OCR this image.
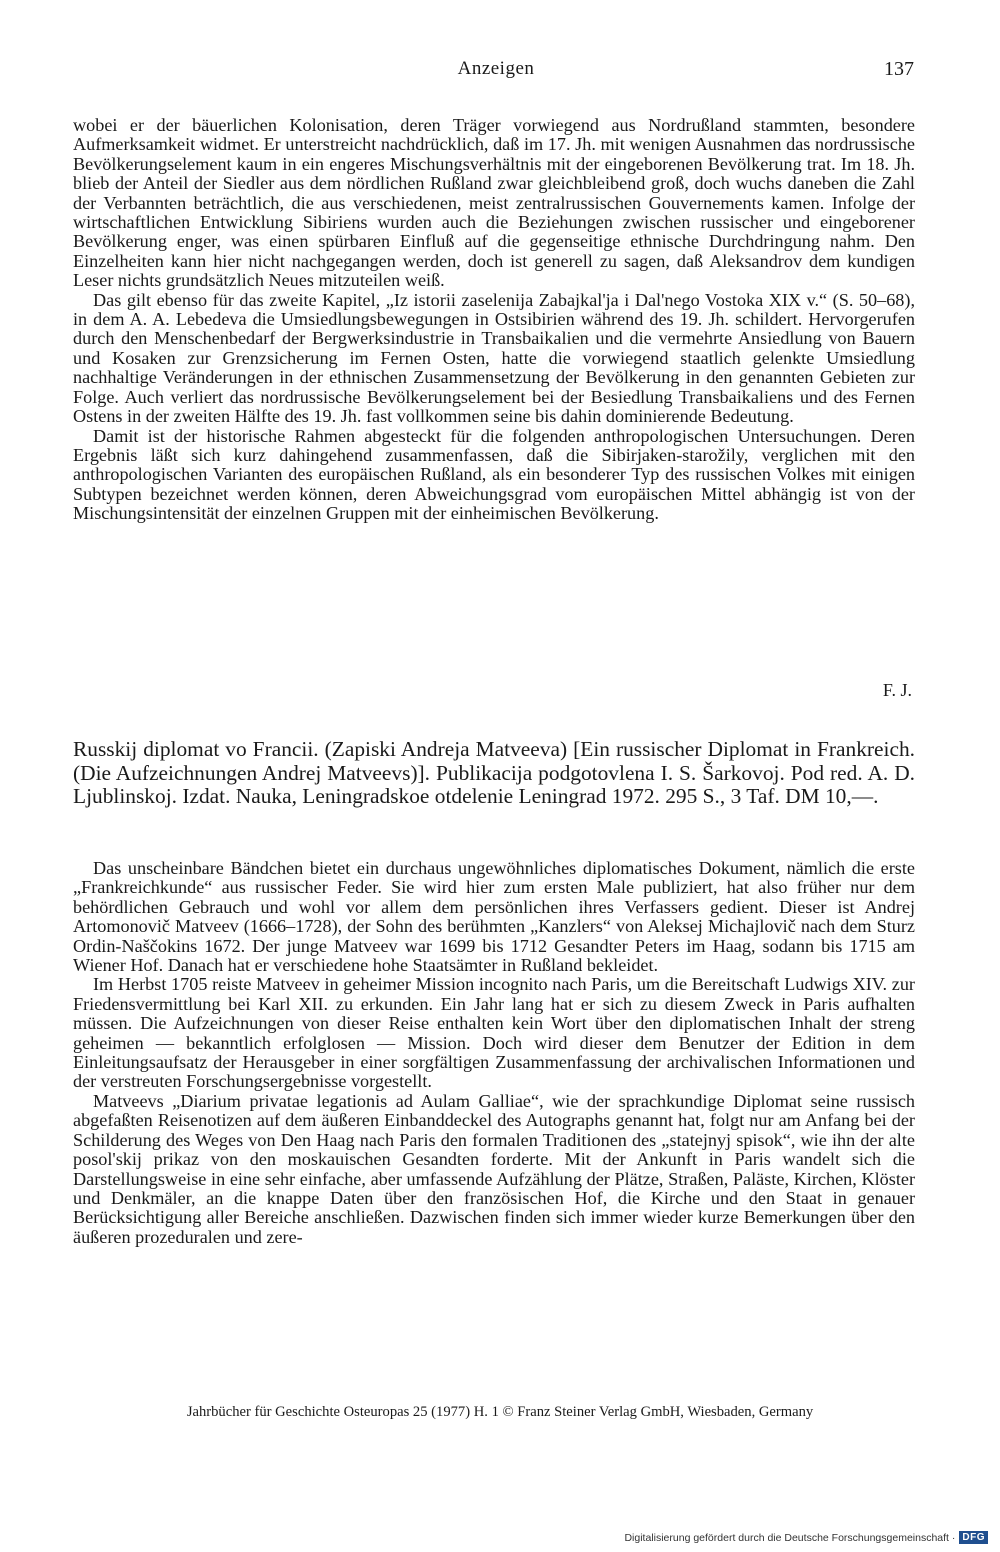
Anzeigen	137

wobei er der bäuerlichen Kolonisation, deren Träger vorwiegend aus Nordrußland stammten, besondere Aufmerksamkeit widmet. Er unterstreicht nachdrücklich, daß im 17. Jh. mit wenigen Ausnahmen das nordrussische Bevölkerungselement kaum in ein engeres Mischungsverhältnis mit der eingeborenen Bevölkerung trat. Im 18. Jh. blieb der Anteil der Siedler aus dem nördlichen Rußland zwar gleichbleibend groß, doch wuchs daneben die Zahl der Verbannten beträchtlich, die aus verschiedenen, meist zentralrussischen Gouvernements kamen. Infolge der wirtschaftlichen Entwicklung Sibiriens wurden auch die Beziehungen zwischen russischer und eingeborener Bevölkerung enger, was einen spürbaren Einfluß auf die gegenseitige ethnische Durchdringung nahm. Den Einzelheiten kann hier nicht nachgegangen werden, doch ist generell zu sagen, daß Aleksandrov dem kundigen Leser nichts grundsätzlich Neues mitzuteilen weiß.

Das gilt ebenso für das zweite Kapitel, „Iz istorii zaselenija Zabajkal'ja i Dal'nego Vostoka XIX v.“ (S. 50–68), in dem A. A. Lebedeva die Umsiedlungsbewegungen in Ostsibirien während des 19. Jh. schildert. Hervorgerufen durch den Menschenbedarf der Bergwerksindustrie in Transbaikalien und die vermehrte Ansiedlung von Bauern und Kosaken zur Grenzsicherung im Fernen Osten, hatte die vorwiegend staatlich gelenkte Umsiedlung nachhaltige Veränderungen in der ethnischen Zusammensetzung der Bevölkerung in den genannten Gebieten zur Folge. Auch verliert das nordrussische Bevölkerungselement bei der Besiedlung Transbaikaliens und des Fernen Ostens in der zweiten Hälfte des 19. Jh. fast vollkommen seine bis dahin dominierende Bedeutung.

Damit ist der historische Rahmen abgesteckt für die folgenden anthropologischen Untersuchungen. Deren Ergebnis läßt sich kurz dahingehend zusammenfassen, daß die Sibirjaken-starožily, verglichen mit den anthropologischen Varianten des europäischen Rußland, als ein besonderer Typ des russischen Volkes mit einigen Subtypen bezeichnet werden können, deren Abweichungsgrad vom europäischen Mittel abhängig ist von der Mischungsintensität der einzelnen Gruppen mit der einheimischen Bevölkerung.

F. J.
Russkij diplomat vo Francii. (Zapiski Andreja Matveeva) [Ein russischer Diplomat in Frankreich. (Die Aufzeichnungen Andrej Matveevs)]. Publikacija podgotovlena I. S. Šarkovoj. Pod red. A. D. Ljublinskoj. Izdat. Nauka, Leningradskoe otdelenie Leningrad 1972. 295 S., 3 Taf. DM 10,—.

Das unscheinbare Bändchen bietet ein durchaus ungewöhnliches diplomatisches Dokument, nämlich die erste „Frankreichkunde“ aus russischer Feder. Sie wird hier zum ersten Male publiziert, hat also früher nur dem behördlichen Gebrauch und wohl vor allem dem persönlichen ihres Verfassers gedient. Dieser ist Andrej Artomonovič Matveev (1666–1728), der Sohn des berühmten „Kanzlers“ von Aleksej Michajlovič nach dem Sturz Ordin-Naščokins 1672. Der junge Matveev war 1699 bis 1712 Gesandter Peters im Haag, sodann bis 1715 am Wiener Hof. Danach hat er verschiedene hohe Staatsämter in Rußland bekleidet.

Im Herbst 1705 reiste Matveev in geheimer Mission incognito nach Paris, um die Bereitschaft Ludwigs XIV. zur Friedensvermittlung bei Karl XII. zu erkunden. Ein Jahr lang hat er sich zu diesem Zweck in Paris aufhalten müssen. Die Aufzeichnungen von dieser Reise enthalten kein Wort über den diplomatischen Inhalt der streng geheimen — bekanntlich erfolglosen — Mission. Doch wird dieser dem Benutzer der Edition in dem Einleitungsaufsatz der Herausgeber in einer sorgfältigen Zusammenfassung der archivalischen Informationen und der verstreuten Forschungsergebnisse vorgestellt.

Matveevs „Diarium privatae legationis ad Aulam Galliae“, wie der sprachkundige Diplomat seine russisch abgefaßten Reisenotizen auf dem äußeren Einbanddeckel des Autographs genannt hat, folgt nur am Anfang bei der Schilderung des Weges von Den Haag nach Paris den formalen Traditionen des „statejnyj spisok“, wie ihn der alte posol'skij prikaz von den moskauischen Gesandten forderte. Mit der Ankunft in Paris wandelt sich die Darstellungsweise in eine sehr einfache, aber umfassende Aufzählung der Plätze, Straßen, Paläste, Kirchen, Klöster und Denkmäler, an die knappe Daten über den französischen Hof, die Kirche und den Staat in genauer Berücksichtigung aller Bereiche anschließen. Dazwischen finden sich immer wieder kurze Bemerkungen über den äußeren prozeduralen und zere-

Jahrbücher für Geschichte Osteuropas 25 (1977) H. 1 © Franz Steiner Verlag GmbH, Wiesbaden, Germany
Digitalisierung gefördert durch die Deutsche Forschungsgemeinschaft · DFG
